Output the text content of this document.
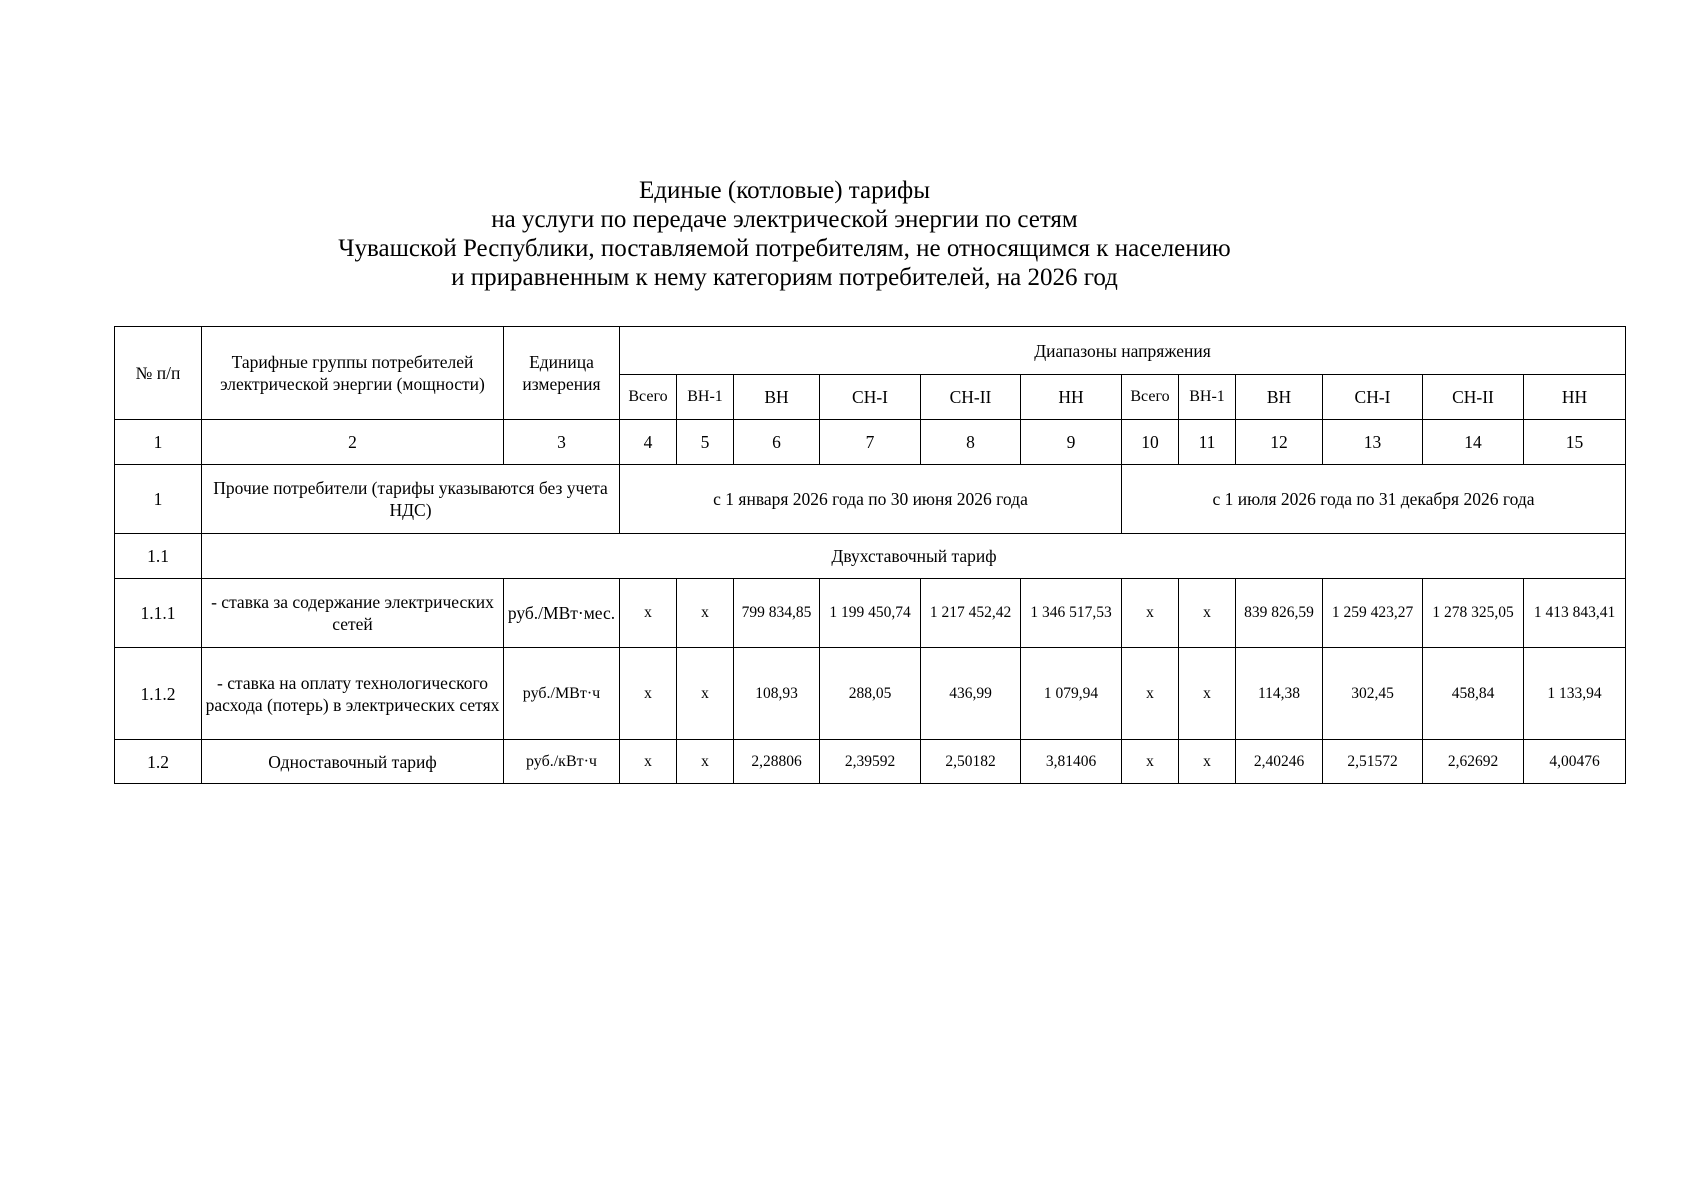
Единые (котловые) тарифы
на услуги по передаче электрической энергии по сетям
Чувашской Республики, поставляемой потребителям, не относящимся к населению
и приравненным к нему категориям потребителей, на 2026 год
№ п/п	Тарифные группы потребителей электрической энергии (мощности)	Единица измерения	Диапазоны напряжения											
			Всего	ВН-1	ВН	СН-I	СН-II	НН	Всего	ВН-1	ВН	СН-I	СН-II	НН
1	2	3	4	5	6	7	8	9	10	11	12	13	14	15
1	Прочие потребители (тарифы указываются без учета НДС)		с 1 января 2026 года по 30 июня 2026 года						с 1 июля 2026 года по 31 декабря 2026 года					
1.1	Двухставочный тариф													
1.1.1	- ставка за содержание электрических сетей	руб./МВт·мес.	х	х	799 834,85	1 199 450,74	1 217 452,42	1 346 517,53	х	х	839 826,59	1 259 423,27	1 278 325,05	1 413 843,41
1.1.2	- ставка на оплату технологического расхода (потерь) в электрических сетях	руб./МВт·ч	х	х	108,93	288,05	436,99	1 079,94	х	х	114,38	302,45	458,84	1 133,94
1.2	Одноставочный тариф	руб./кВт·ч	х	х	2,28806	2,39592	2,50182	3,81406	х	х	2,40246	2,51572	2,62692	4,00476
